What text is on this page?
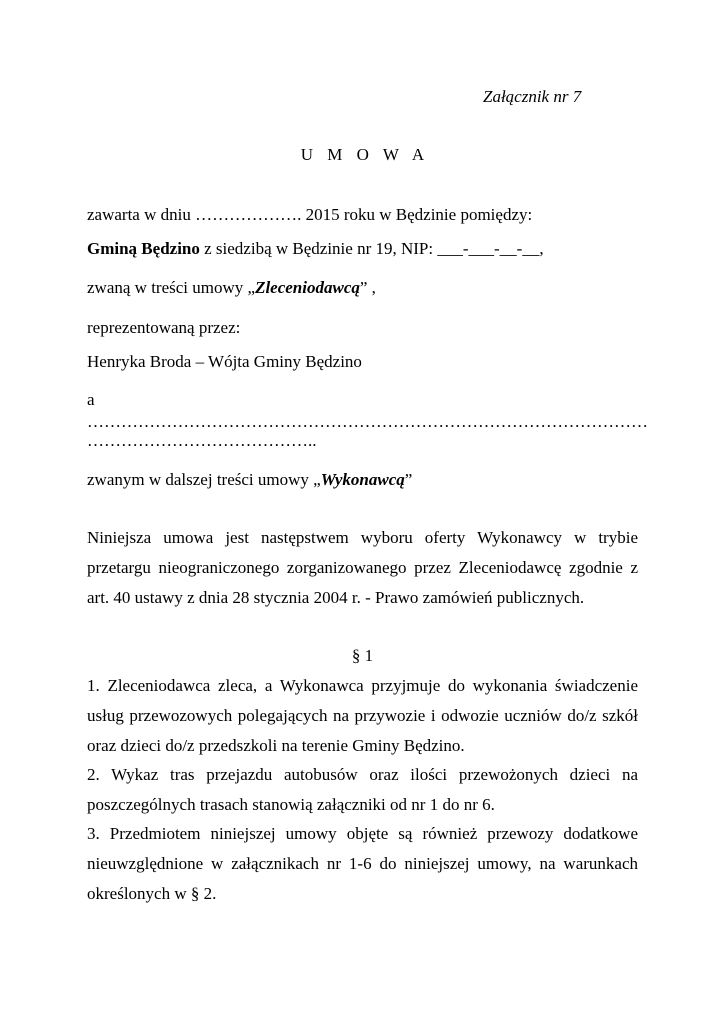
Załącznik nr 7
U M O W A
zawarta w dniu ………………. 2015 roku w Będzinie pomiędzy:
Gminą Będzino z siedzibą w Będzinie nr 19, NIP: ___-___-__-__,
zwaną w treści umowy „Zleceniodawcą” ,
reprezentowaną przez:
Henryka Broda – Wójta Gminy Będzino
a
………………………………………………………………………………………
…………………………………..
zwanym w dalszej treści umowy „Wykonawcą”
Niniejsza umowa jest następstwem wyboru oferty Wykonawcy w trybie
przetargu nieograniczonego zorganizowanego przez Zleceniodawcę zgodnie z
art. 40 ustawy z dnia 28 stycznia 2004 r. - Prawo zamówień publicznych.
§ 1
1. Zleceniodawca zleca, a Wykonawca przyjmuje do wykonania świadczenie
usług przewozowych polegających na przywozie i odwozie uczniów do/z szkół
oraz dzieci do/z przedszkoli na terenie Gminy Będzino.
2. Wykaz tras przejazdu autobusów oraz ilości przewożonych dzieci na
poszczególnych trasach stanowią załączniki od nr 1 do nr 6.
3. Przedmiotem niniejszej umowy objęte są również przewozy dodatkowe
nieuwzględnione w załącznikach nr 1-6 do niniejszej umowy, na warunkach
określonych w § 2.
